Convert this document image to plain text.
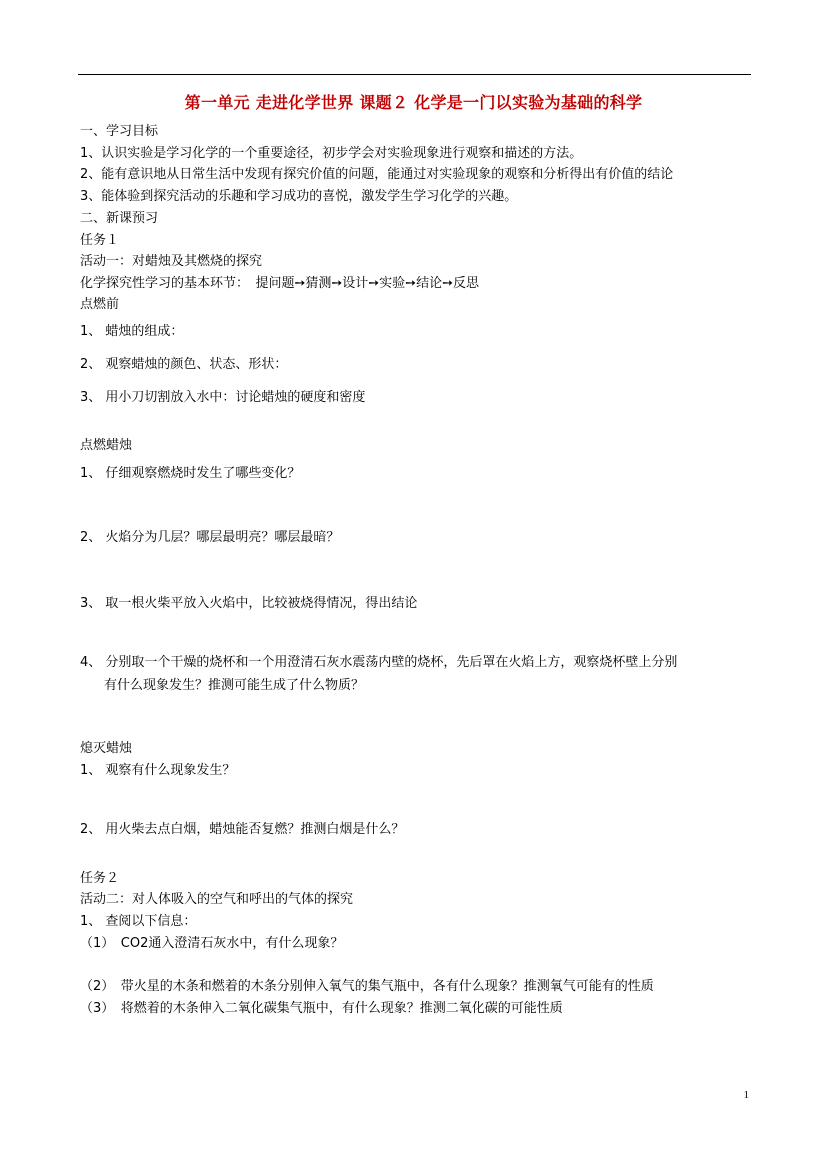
第一单元 走进化学世界 课题２ 化学是一门以实验为基础的科学
一、学习目标
1、认识实验是学习化学的一个重要途径，初步学会对实验现象进行观察和描述的方法。
2、能有意识地从日常生活中发现有探究价值的问题，能通过对实验现象的观察和分析得出有价值的结论
3、能体验到探究活动的乐趣和学习成功的喜悦，激发学生学习化学的兴趣。
二、新课预习
任务１
活动一：对蜡烛及其燃烧的探究
化学探究性学习的基本环节：　提问题➙猜测➙设计➙实验➙结论➙反思
点燃前
1、 蜡烛的组成：
2、 观察蜡烛的颜色、状态、形状：
3、 用小刀切割放入水中：讨论蜡烛的硬度和密度
点燃蜡烛
1、 仔细观察燃烧时发生了哪些变化？
2、 火焰分为几层？哪层最明亮？哪层最暗？
3、 取一根火柴平放入火焰中，比较被烧得情况，得出结论
4、 分别取一个干燥的烧杯和一个用澄清石灰水震荡内壁的烧杯，先后罩在火焰上方，观察烧杯壁上分别
有什么现象发生？推测可能生成了什么物质？
熄灭蜡烛
1、 观察有什么现象发生？
2、 用火柴去点白烟，蜡烛能否复燃？推测白烟是什么？
任务２
活动二：对人体吸入的空气和呼出的气体的探究
1、 查阅以下信息：
（1）　CO2通入澄清石灰水中，有什么现象？
（2）　带火星的木条和燃着的木条分别伸入氧气的集气瓶中，各有什么现象？推测氧气可能有的性质
（3）　将燃着的木条伸入二氧化碳集气瓶中，有什么现象？推测二氧化碳的可能性质
1
